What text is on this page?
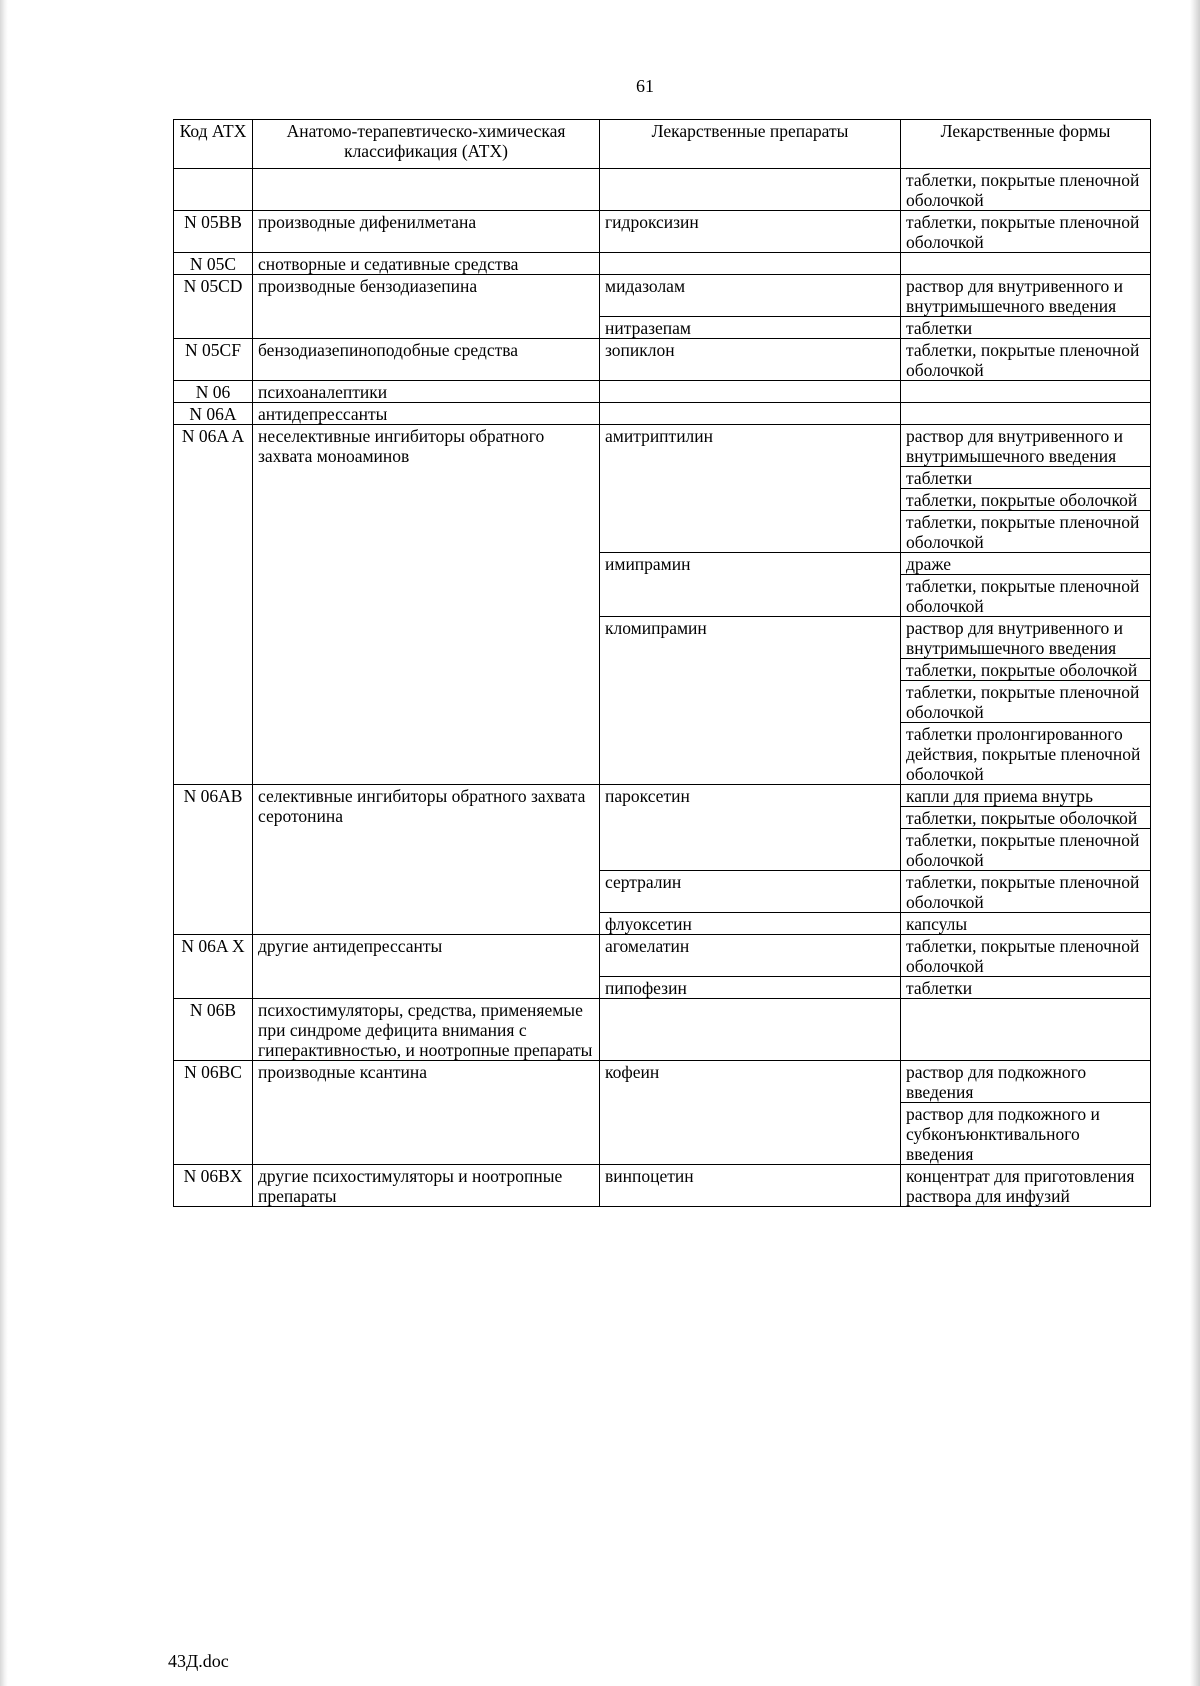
61
Код АТХ	Анатомо-терапевтическо-химическая классификация (АТХ)	Лекарственные препараты	Лекарственные формы
			таблетки, покрытые пленочной оболочкой
N 05BB	производные дифенилметана	гидроксизин	таблетки, покрытые пленочной оболочкой
N 05C	снотворные и седативные средства		
N 05CD	производные бензодиазепина	мидазолам	раствор для внутривенного и внутримышечного введения
		нитразепам	таблетки
N 05CF	бензодиазепиноподобные средства	зопиклон	таблетки, покрытые пленочной оболочкой
N 06	психоаналептики		
N 06A	антидепрессанты		
N 06A A	неселективные ингибиторы обратного захвата моноаминов	амитриптилин	раствор для внутривенного и внутримышечного введения
			таблетки
			таблетки, покрытые оболочкой
			таблетки, покрытые пленочной оболочкой
		имипрамин	драже
			таблетки, покрытые пленочной оболочкой
		кломипрамин	раствор для внутривенного и внутримышечного введения
			таблетки, покрытые оболочкой
			таблетки, покрытые пленочной оболочкой
			таблетки пролонгированного действия, покрытые пленочной оболочкой
N 06AB	селективные ингибиторы обратного захвата серотонина	пароксетин	капли для приема внутрь
			таблетки, покрытые оболочкой
			таблетки, покрытые пленочной оболочкой
		сертралин	таблетки, покрытые пленочной оболочкой
		флуоксетин	капсулы
N 06A X	другие антидепрессанты	агомелатин	таблетки, покрытые пленочной оболочкой
		пипофезин	таблетки
N 06B	психостимуляторы, средства, применяемые при синдроме дефицита внимания с гиперактивностью, и ноотропные препараты		
N 06BC	производные ксантина	кофеин	раствор для подкожного введения
			раствор для подкожного и субконъюнктивального введения
N 06BX	другие психостимуляторы и ноотропные препараты	винпоцетин	концентрат для приготовления раствора для инфузий
43Д.doc
